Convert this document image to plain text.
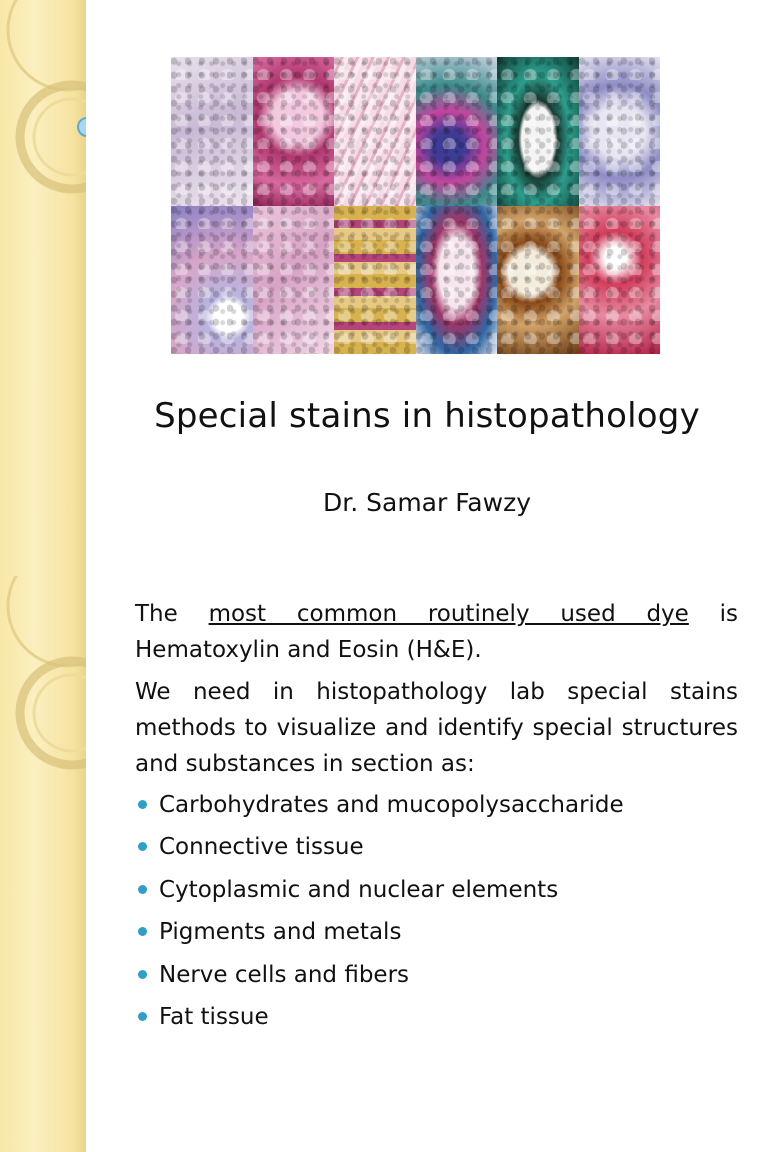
Special stains in histopathology
Dr. Samar Fawzy
The most common routinely used dye is Hematoxylin and Eosin (H&E).
We need in histopathology lab special stains methods to visualize and identify special structures and substances in section as:
Carbohydrates and mucopolysaccharide
Connective tissue
Cytoplasmic and nuclear elements
Pigments and metals
Nerve cells and fibers
Fat tissue
